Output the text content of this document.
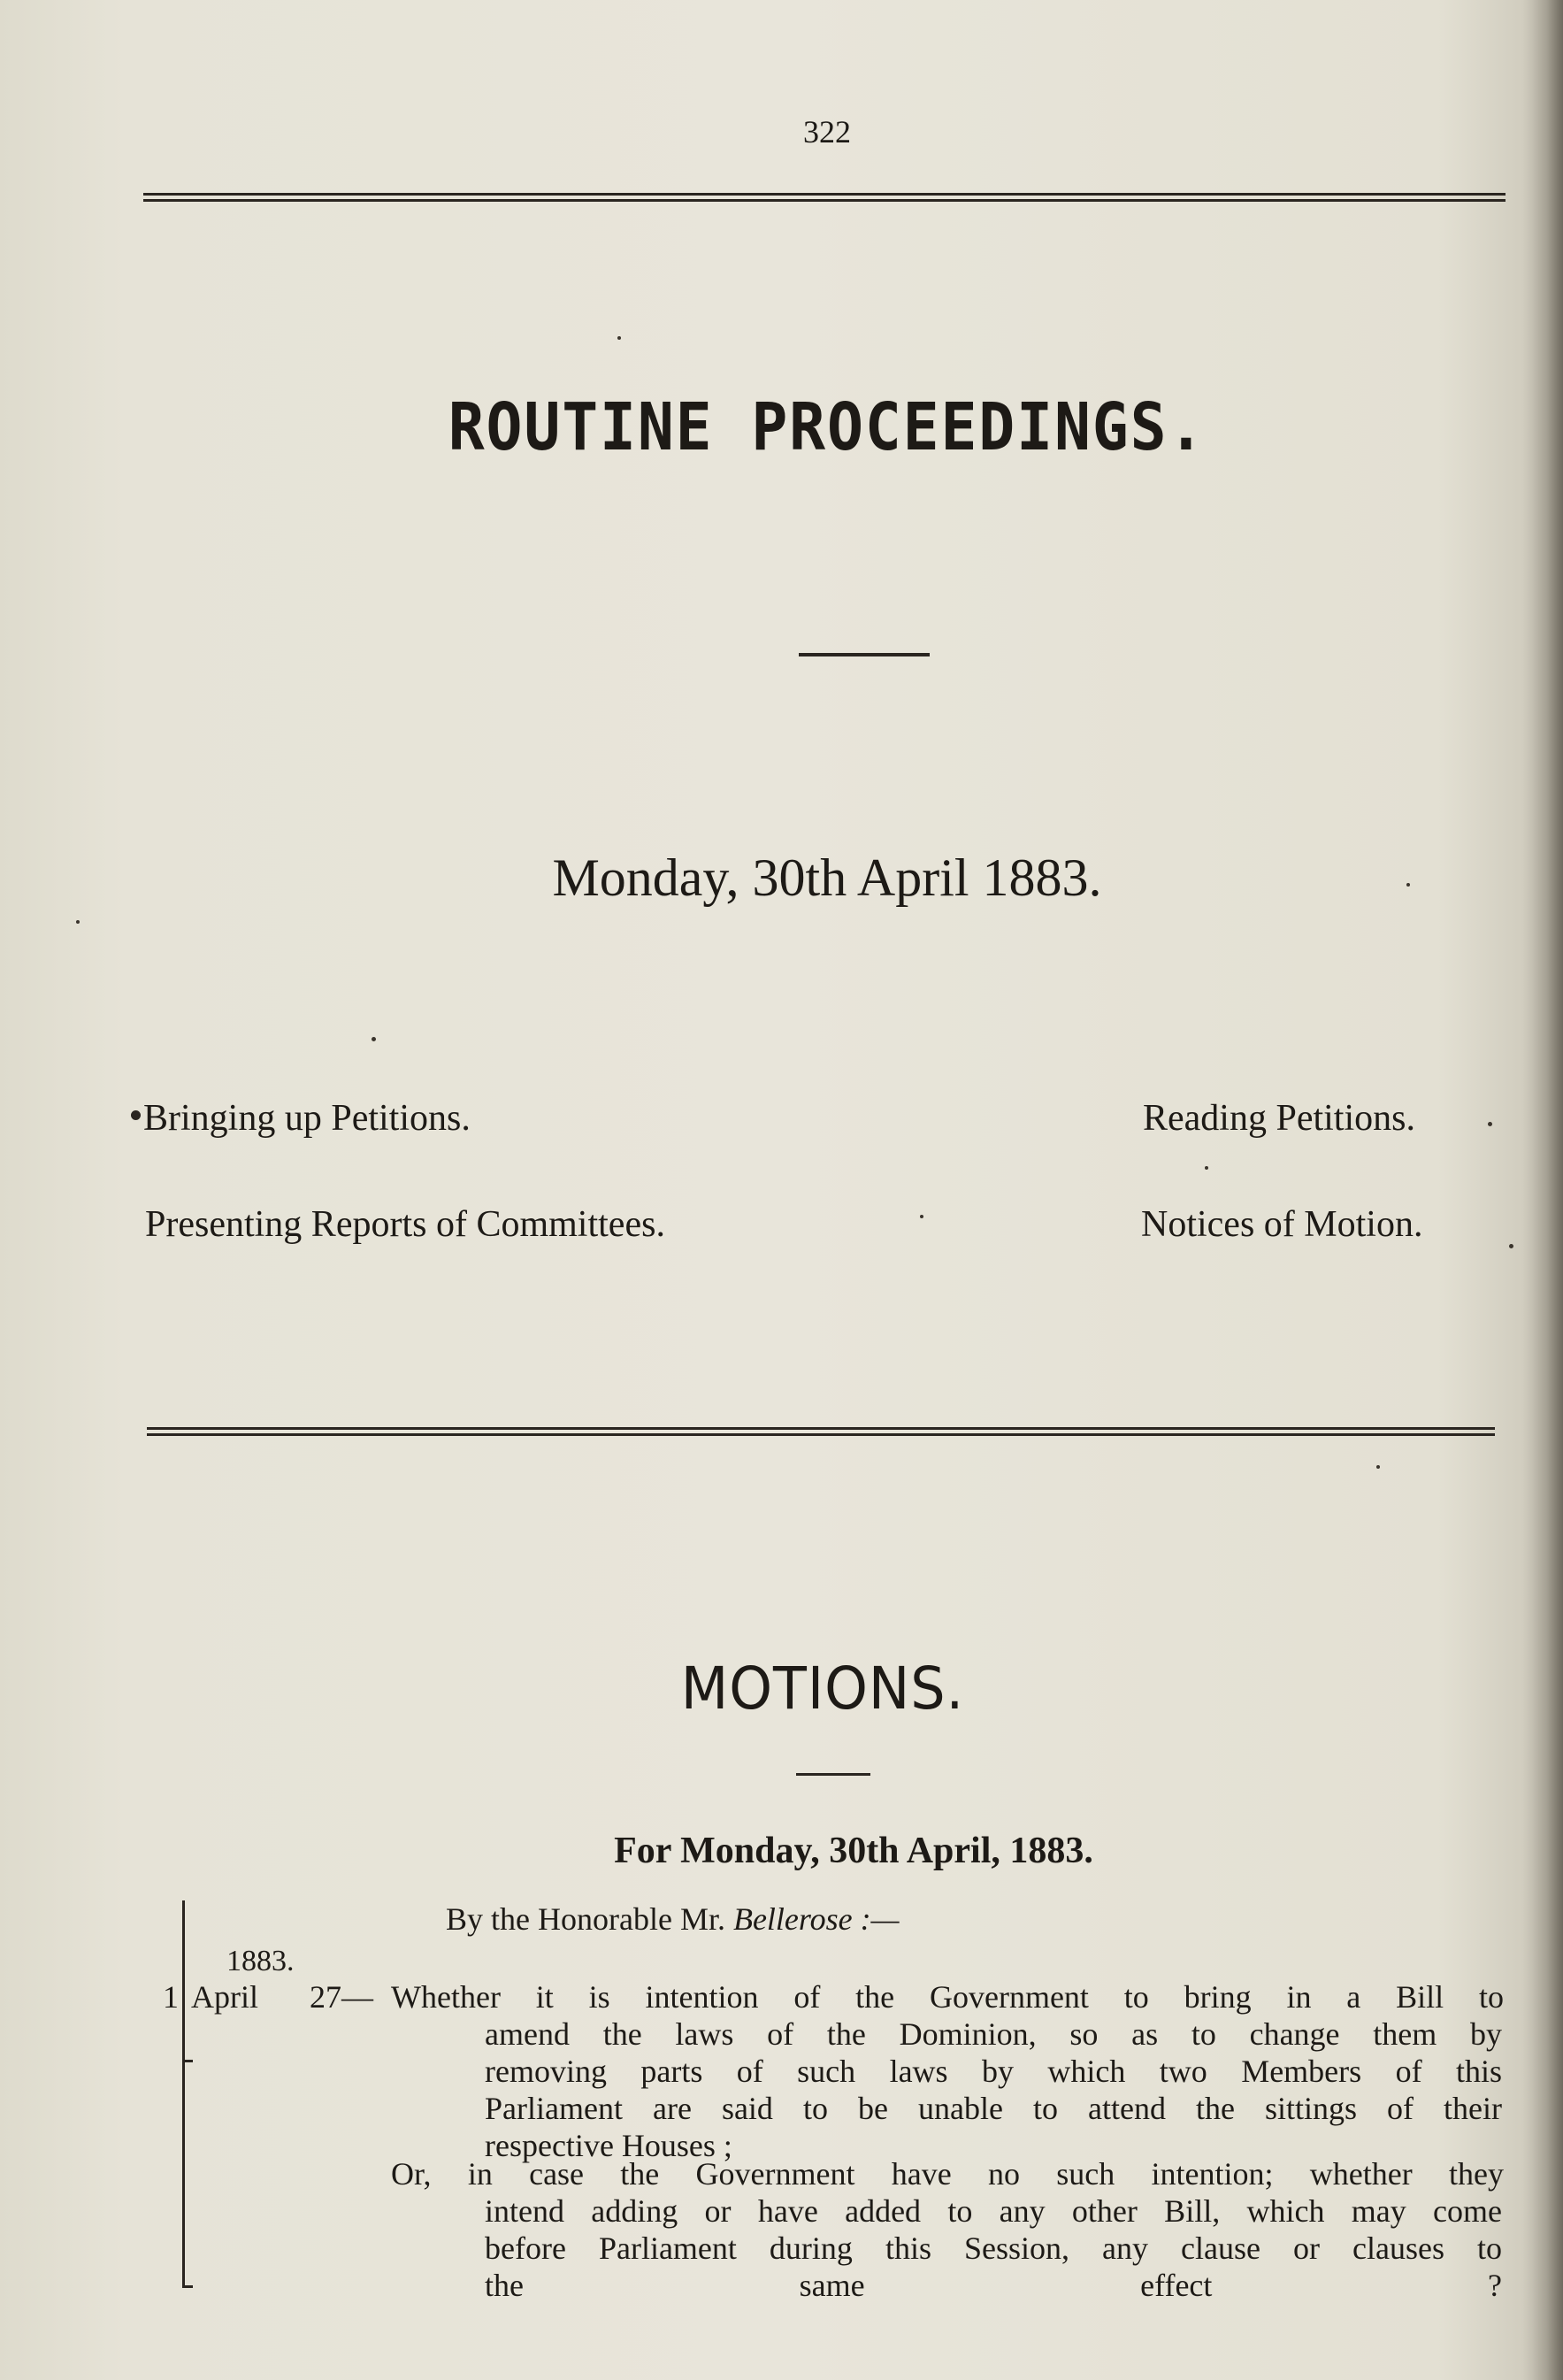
322
ROUTINE PROCEEDINGS.
Monday, 30th April 1883.
Bringing up Petitions.	Reading Petitions.
Presenting Reports of Committees.	Notices of Motion.
MOTIONS.
For Monday, 30th April, 1883.
By the Honorable Mr. Bellerose :—
1883.
1 April 27— Whether it is intention of the Government to bring in a Bill to
amend the laws of the Dominion, so as to change them by
removing parts of such laws by which two Members of this
Parliament are said to be unable to attend the sittings of their
respective Houses ;
Or, in case the Government have no such intention; whether they
intend adding or have added to any other Bill, which may come
before Parliament during this Session, any clause or clauses to
the same effect ?
